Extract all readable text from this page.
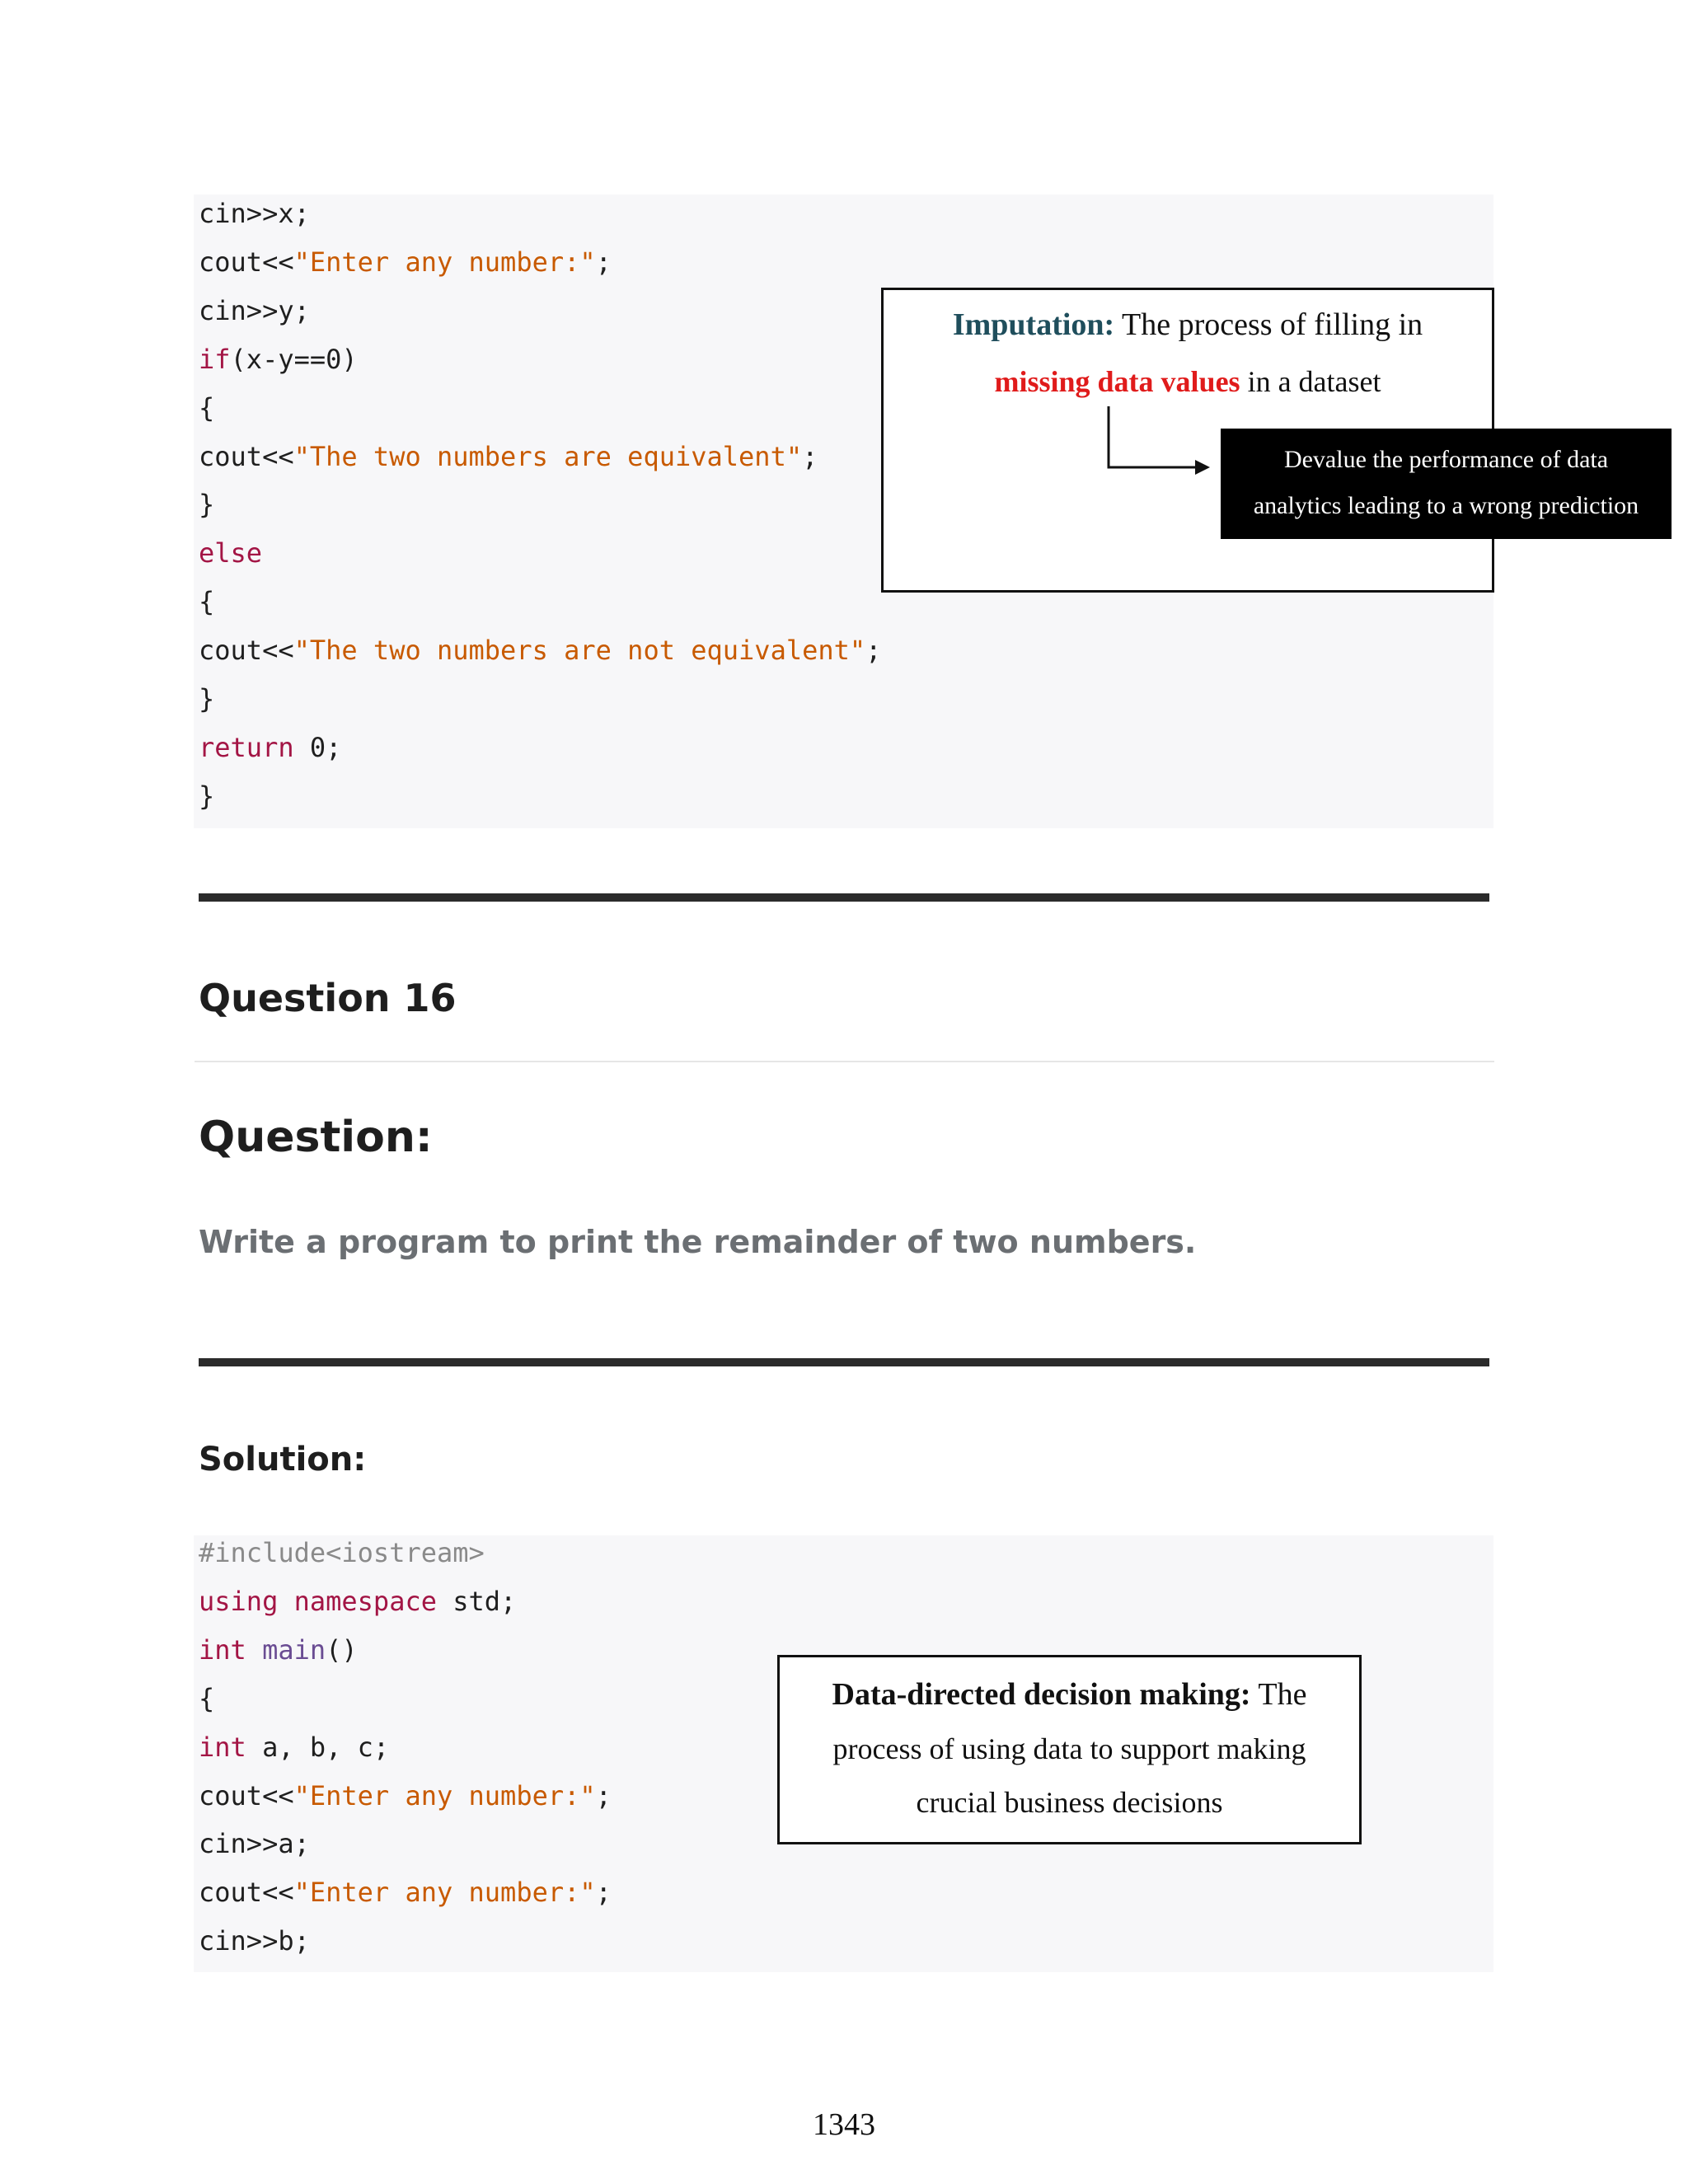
cin>>x;
cout<<"Enter any number:";
cin>>y;
if(x-y==0)
{
cout<<"The two numbers are equivalent";
}
else
{
cout<<"The two numbers are not equivalent";
}
return 0;
}
Imputation: The process of filling in
missing data values in a dataset
Devalue the performance of data
analytics leading to a wrong prediction
Question 16
Question:
Write a program to print the remainder of two numbers.
Solution:
#include<iostream>
using namespace std;
int main()
{
int a, b, c;
cout<<"Enter any number:";
cin>>a;
cout<<"Enter any number:";
cin>>b;
Data-directed decision making: The
process of using data to support making
crucial business decisions
1343
